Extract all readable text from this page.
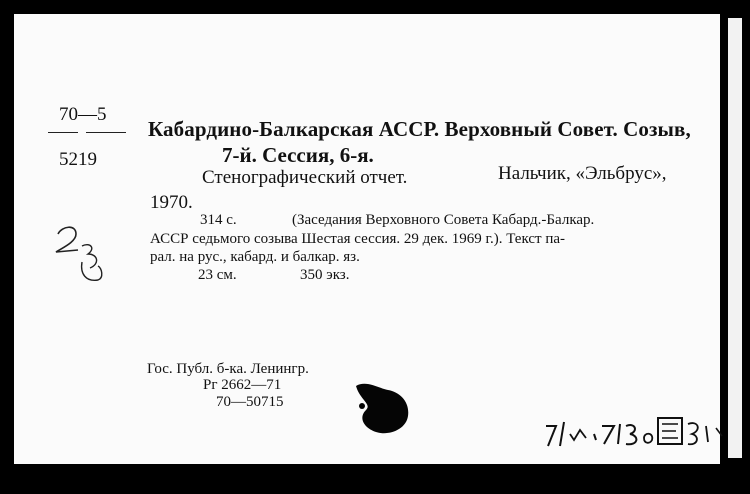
70—5
5219
Кабардино-Балкарская АССР. Верховный Совет. Созыв,
7-й. Сессия, 6-я.
Стенографический отчет.	Нальчик, «Эльбрус»,
1970.
314 с.	(Заседания Верховного Совета Кабард.-Балкар.
АССР седьмого созыва Шестая сессия. 29 дек. 1969 г.). Текст па-
рал. на рус., кабард. и балкар. яз.
23 см.	350 экз.
Гос. Публ. б-ка. Ленингр.
Рг 2662—71
70—50715
